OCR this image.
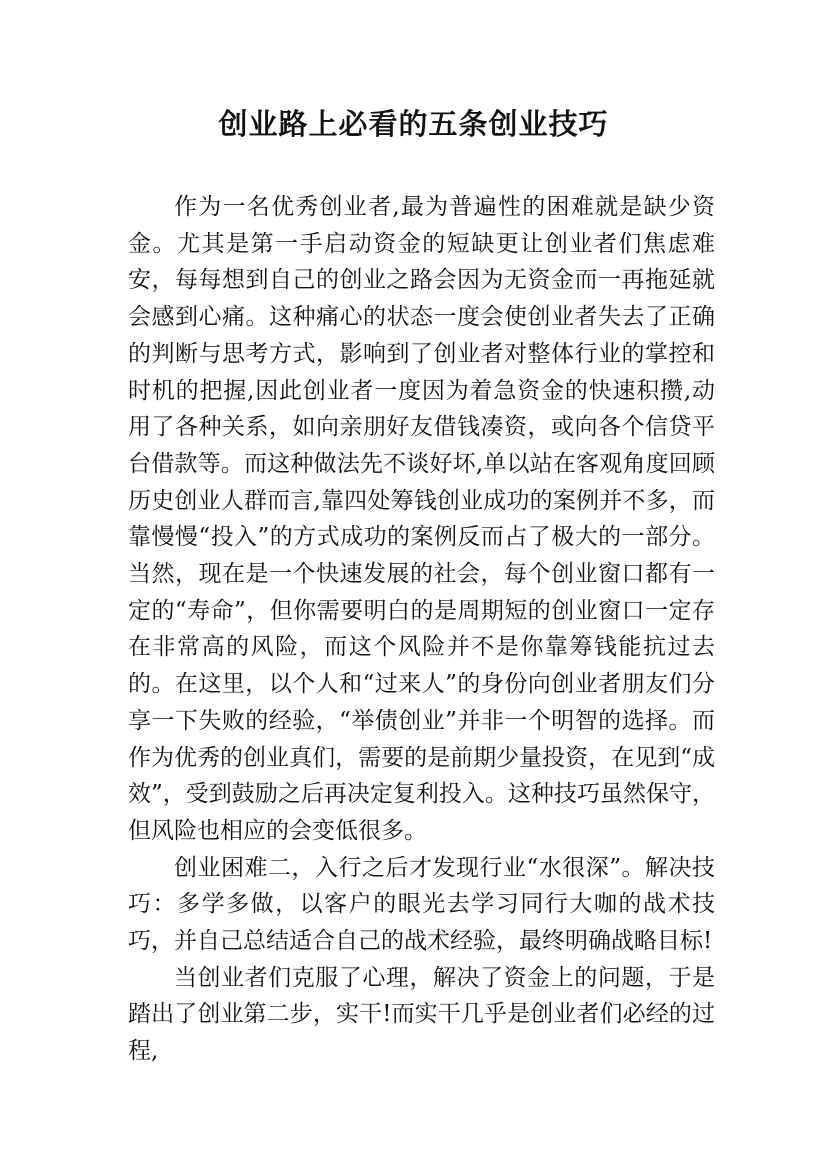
创业路上必看的五条创业技巧

作为一名优秀创业者,最为普遍性的困难就是缺少资金。尤其是第一手启动资金的短缺更让创业者们焦虑难安，每每想到自己的创业之路会因为无资金而一再拖延就会感到心痛。这种痛心的状态一度会使创业者失去了正确的判断与思考方式，影响到了创业者对整体行业的掌控和时机的把握,因此创业者一度因为着急资金的快速积攒,动用了各种关系，如向亲朋好友借钱凑资，或向各个信贷平台借款等。而这种做法先不谈好坏,单以站在客观角度回顾历史创业人群而言,靠四处筹钱创业成功的案例并不多，而靠慢慢“投入”的方式成功的案例反而占了极大的一部分。当然，现在是一个快速发展的社会，每个创业窗口都有一定的“寿命”，但你需要明白的是周期短的创业窗口一定存在非常高的风险，而这个风险并不是你靠筹钱能抗过去的。在这里，以个人和“过来人”的身份向创业者朋友们分享一下失败的经验，“举债创业”并非一个明智的选择。而作为优秀的创业真们，需要的是前期少量投资，在见到“成效”，受到鼓励之后再决定复利投入。这种技巧虽然保守，但风险也相应的会变低很多。

创业困难二，入行之后才发现行业“水很深”。解决技巧：多学多做，以客户的眼光去学习同行大咖的战术技巧，并自己总结适合自己的战术经验，最终明确战略目标!

当创业者们克服了心理，解决了资金上的问题，于是踏出了创业第二步，实干!而实干几乎是创业者们必经的过程,
